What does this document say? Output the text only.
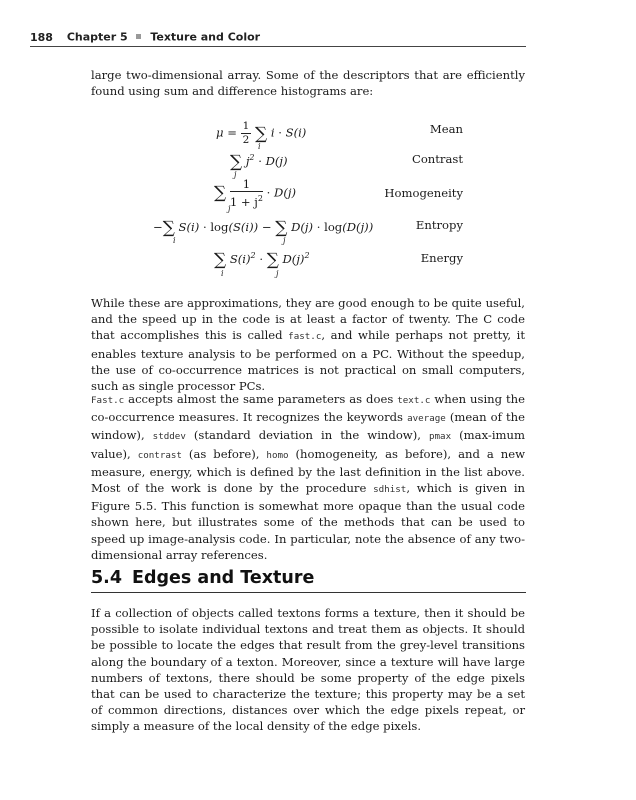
188 Chapter 5 Texture and Color
large two-dimensional array. Some of the descriptors that are efficiently found using sum and difference histograms are:
$\mu = \frac{1}{2}$ ∑ i · S(i)
i
Mean
∑ $j^2 \cdot D(j)$
j
Contrast
∑ $\frac{1}{1 + j^2} \cdot D(j)$
j
Homogeneity
−∑ S(i) · log(S(i)) − ∑ D(j) · log(D(j))
i	j
Entropy
∑ $S(i)^2$ · ∑ $D(j)^2$
i	j
Energy
While these are approximations, they are good enough to be quite useful, and the speed up in the code is at least a factor of twenty. The C code that accomplishes this is called fast.c, and while perhaps not pretty, it enables texture analysis to be performed on a PC. Without the speedup, the use of co-occurrence matrices is not practical on small computers, such as single processor PCs.
Fast.c accepts almost the same parameters as does text.c when using the co-occurrence measures. It recognizes the keywords average (mean of the window), stddev (standard deviation in the window), pmax (max-imum value), contrast (as before), homo (homogeneity, as before), and a new measure, energy, which is defined by the last definition in the list above. Most of the work is done by the procedure sdhist, which is given in Figure 5.5. This function is somewhat more opaque than the usual code shown here, but illustrates some of the methods that can be used to speed up image-analysis code. In particular, note the absence of any two-dimensional array references.
5.4 Edges and Texture
If a collection of objects called textons forms a texture, then it should be possible to isolate individual textons and treat them as objects. It should be possible to locate the edges that result from the grey-level transitions along the boundary of a texton. Moreover, since a texture will have large numbers of textons, there should be some property of the edge pixels that can be used to characterize the texture; this property may be a set of common directions, distances over which the edge pixels repeat, or simply a measure of the local density of the edge pixels.
